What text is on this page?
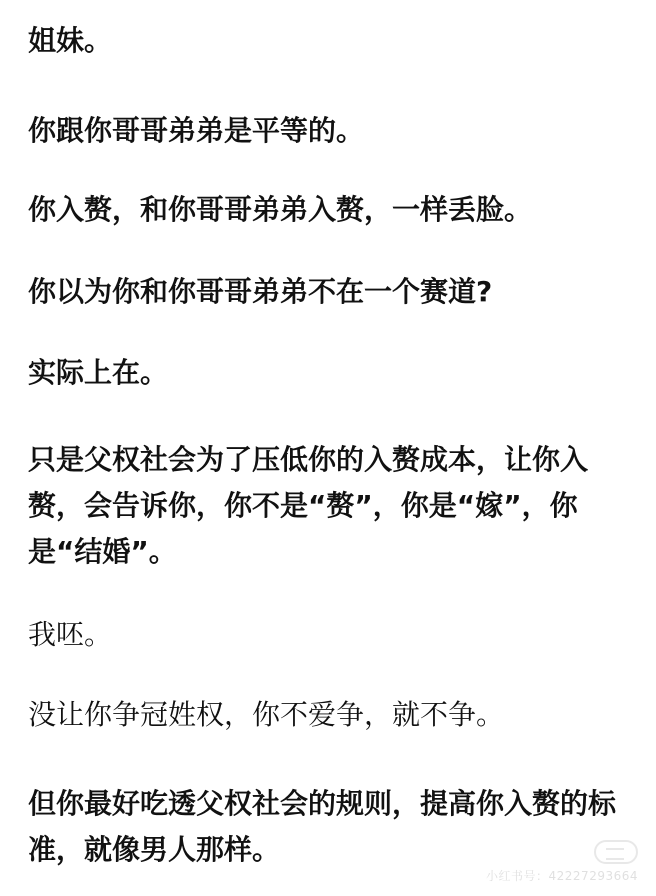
姐妹。

你跟你哥哥弟弟是平等的。

你入赘，和你哥哥弟弟入赘，一样丢脸。

你以为你和你哥哥弟弟不在一个赛道?

实际上在。

只是父权社会为了压低你的入赘成本，让你入赘，会告诉你，你不是“赘”，你是“嫁”，你是“结婚”。

我呸。

没让你争冠姓权，你不爱争，就不争。

但你最好吃透父权社会的规则，提高你入赘的标准，就像男人那样。

小红书号：42227293664
